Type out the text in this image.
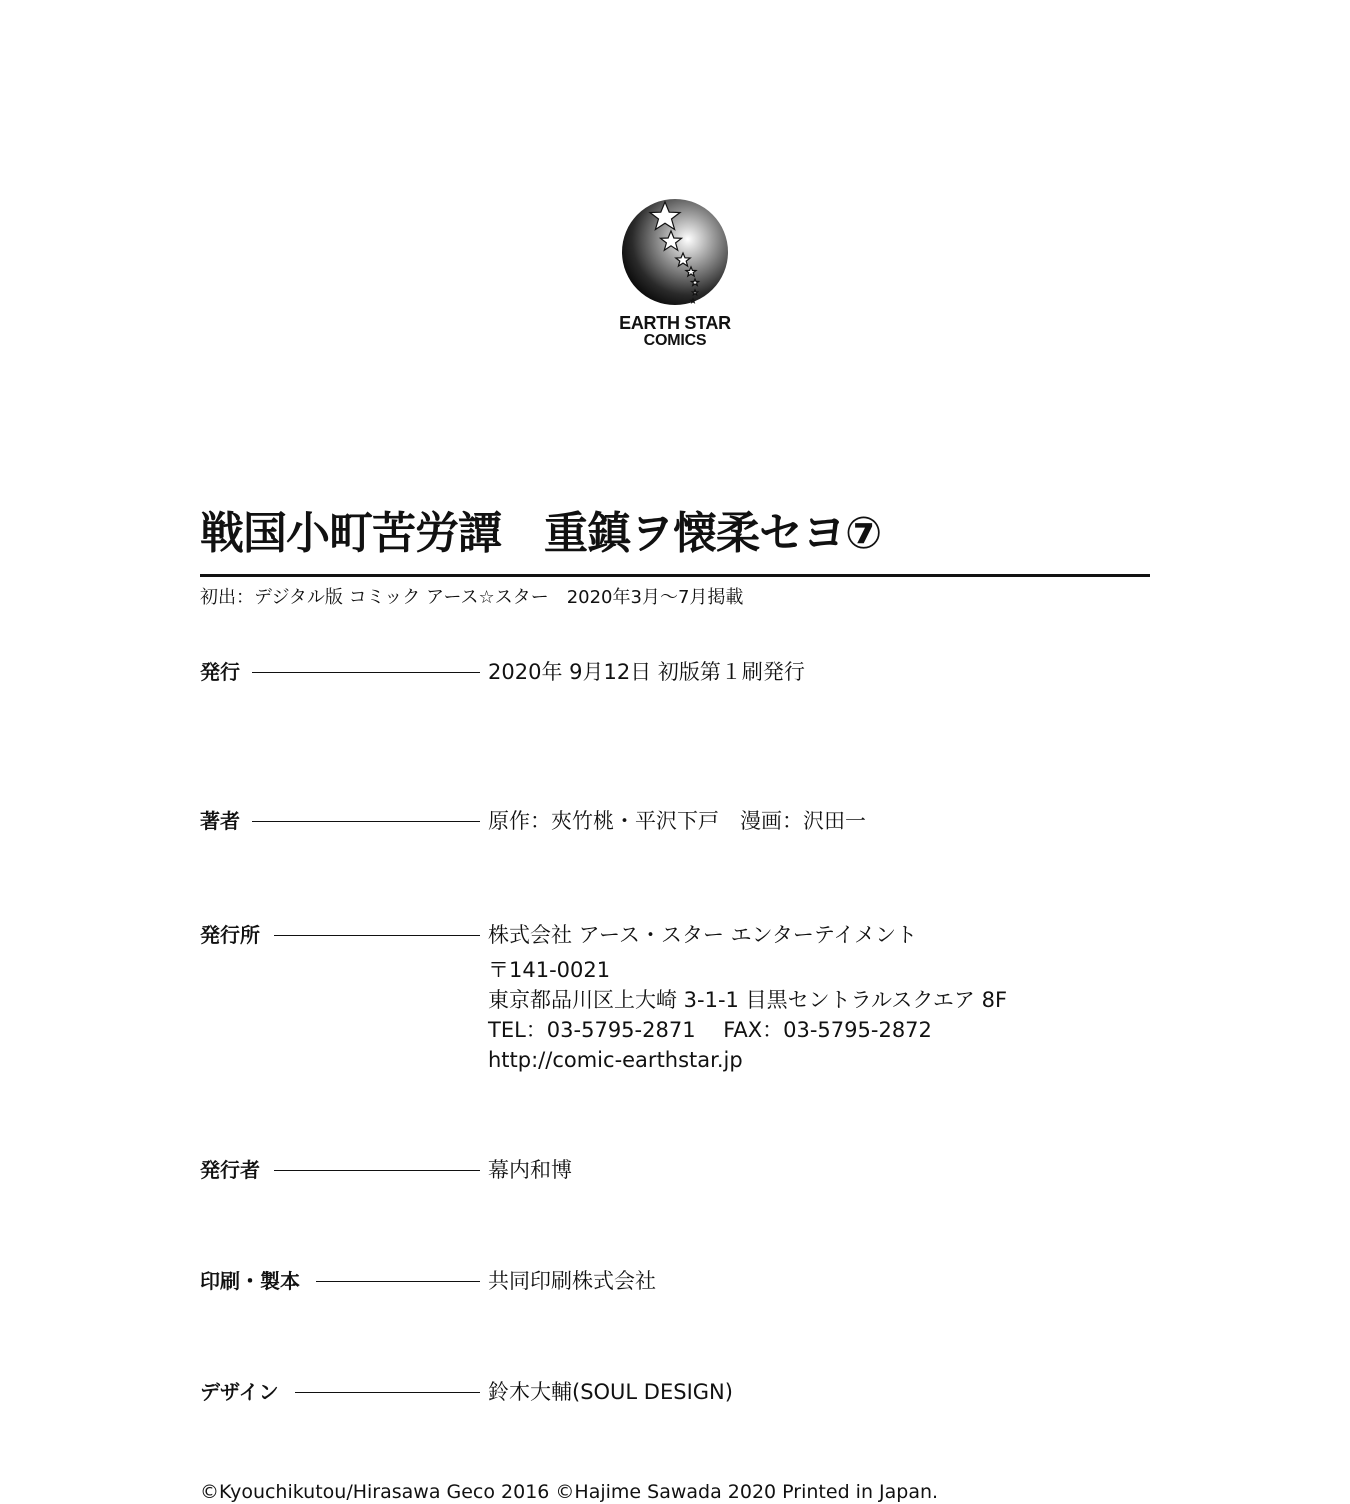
EARTH STAR
COMICS
戦国小町苦労譚　重鎮ヲ懐柔セヨ⑦
初出：デジタル版 コミック アース☆スター　2020年3月～7月掲載
発行	2020年 9月12日 初版第１刷発行
著者	原作：夾竹桃・平沢下戸　漫画：沢田一
発行所	株式会社 アース・スター エンターテイメント
〒141-0021
東京都品川区上大崎 3-1-1 目黒セントラルスクエア 8F
TEL：03-5795-2871　 FAX：03-5795-2872
http://comic-earthstar.jp
発行者	幕内和博
印刷・製本	共同印刷株式会社
デザイン	鈴木大輔(SOUL DESIGN)
©Kyouchikutou/Hirasawa Geco 2016 ©Hajime Sawada 2020 Printed in Japan.
